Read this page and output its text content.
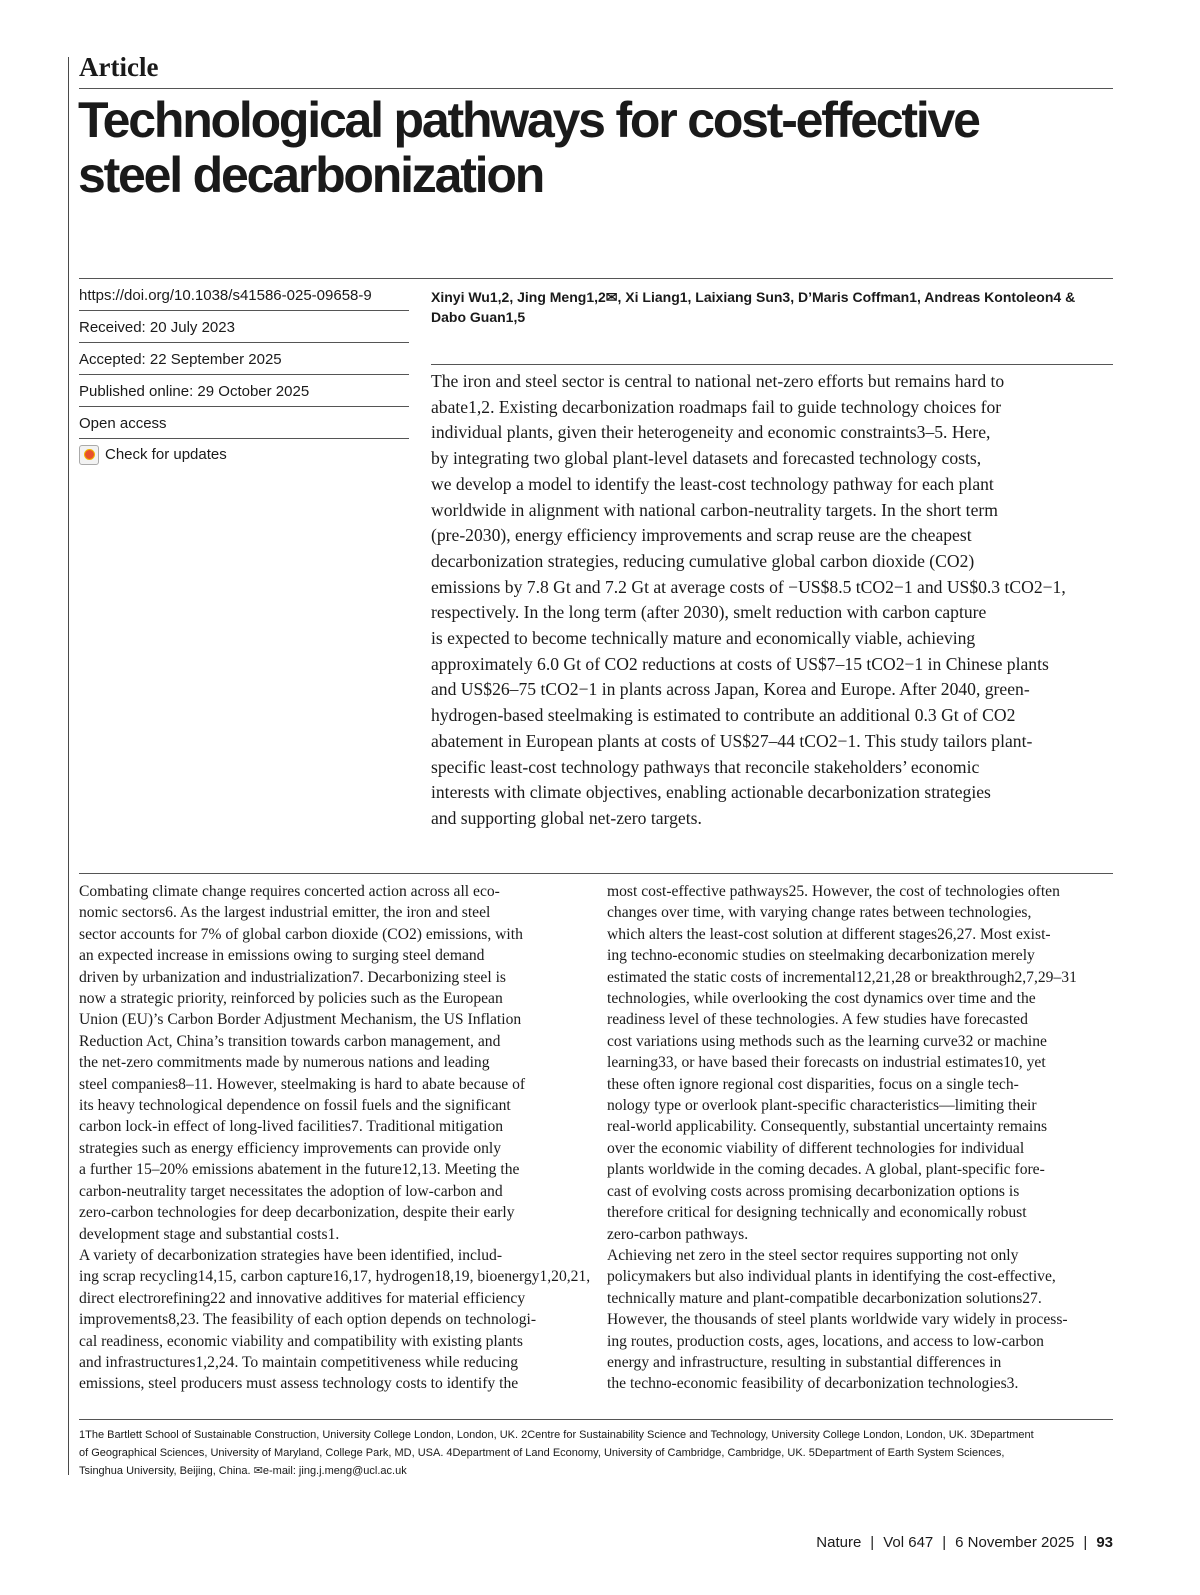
Article
Technological pathways for cost-effective
steel decarbonization
https://doi.org/10.1038/s41586-025-09658-9
Received: 20 July 2023
Accepted: 22 September 2025
Published online: 29 October 2025
Open access
Check for updates
Xinyi Wu1,2, Jing Meng1,2✉, Xi Liang1, Laixiang Sun3, D’Maris Coffman1, Andreas Kontoleon4 &
Dabo Guan1,5
The iron and steel sector is central to national net-zero efforts but remains hard to
abate1,2. Existing decarbonization roadmaps fail to guide technology choices for
individual plants, given their heterogeneity and economic constraints3–5. Here,
by integrating two global plant-level datasets and forecasted technology costs,
we develop a model to identify the least-cost technology pathway for each plant
worldwide in alignment with national carbon-neutrality targets. In the short term
(pre-2030), energy efficiency improvements and scrap reuse are the cheapest
decarbonization strategies, reducing cumulative global carbon dioxide (CO2)
emissions by 7.8 Gt and 7.2 Gt at average costs of −US$8.5 tCO2−1 and US$0.3 tCO2−1,
respectively. In the long term (after 2030), smelt reduction with carbon capture
is expected to become technically mature and economically viable, achieving
approximately 6.0 Gt of CO2 reductions at costs of US$7–15 tCO2−1 in Chinese plants
and US$26–75 tCO2−1 in plants across Japan, Korea and Europe. After 2040, green-
hydrogen-based steelmaking is estimated to contribute an additional 0.3 Gt of CO2
abatement in European plants at costs of US$27–44 tCO2−1. This study tailors plant-
specific least-cost technology pathways that reconcile stakeholders’ economic
interests with climate objectives, enabling actionable decarbonization strategies
and supporting global net-zero targets.
Combating climate change requires concerted action across all eco-
nomic sectors6. As the largest industrial emitter, the iron and steel
sector accounts for 7% of global carbon dioxide (CO2) emissions, with
an expected increase in emissions owing to surging steel demand
driven by urbanization and industrialization7. Decarbonizing steel is
now a strategic priority, reinforced by policies such as the European
Union (EU)’s Carbon Border Adjustment Mechanism, the US Inflation
Reduction Act, China’s transition towards carbon management, and
the net-zero commitments made by numerous nations and leading
steel companies8–11. However, steelmaking is hard to abate because of
its heavy technological dependence on fossil fuels and the significant
carbon lock-in effect of long-lived facilities7. Traditional mitigation
strategies such as energy efficiency improvements can provide only
a further 15–20% emissions abatement in the future12,13. Meeting the
carbon-neutrality target necessitates the adoption of low-carbon and
zero-carbon technologies for deep decarbonization, despite their early
development stage and substantial costs1.
A variety of decarbonization strategies have been identified, includ-
ing scrap recycling14,15, carbon capture16,17, hydrogen18,19, bioenergy1,20,21,
direct electrorefining22 and innovative additives for material efficiency
improvements8,23. The feasibility of each option depends on technologi-
cal readiness, economic viability and compatibility with existing plants
and infrastructures1,2,24. To maintain competitiveness while reducing
emissions, steel producers must assess technology costs to identify the
most cost-effective pathways25. However, the cost of technologies often
changes over time, with varying change rates between technologies,
which alters the least-cost solution at different stages26,27. Most exist-
ing techno-economic studies on steelmaking decarbonization merely
estimated the static costs of incremental12,21,28 or breakthrough2,7,29–31
technologies, while overlooking the cost dynamics over time and the
readiness level of these technologies. A few studies have forecasted
cost variations using methods such as the learning curve32 or machine
learning33, or have based their forecasts on industrial estimates10, yet
these often ignore regional cost disparities, focus on a single tech-
nology type or overlook plant-specific characteristics—limiting their
real-world applicability. Consequently, substantial uncertainty remains
over the economic viability of different technologies for individual
plants worldwide in the coming decades. A global, plant-specific fore-
cast of evolving costs across promising decarbonization options is
therefore critical for designing technically and economically robust
zero-carbon pathways.
Achieving net zero in the steel sector requires supporting not only
policymakers but also individual plants in identifying the cost-effective,
technically mature and plant-compatible decarbonization solutions27.
However, the thousands of steel plants worldwide vary widely in process-
ing routes, production costs, ages, locations, and access to low-carbon
energy and infrastructure, resulting in substantial differences in
the techno-economic feasibility of decarbonization technologies3.
1The Bartlett School of Sustainable Construction, University College London, London, UK. 2Centre for Sustainability Science and Technology, University College London, London, UK. 3Department
of Geographical Sciences, University of Maryland, College Park, MD, USA. 4Department of Land Economy, University of Cambridge, Cambridge, UK. 5Department of Earth System Sciences,
Tsinghua University, Beijing, China. ✉e-mail: jing.j.meng@ucl.ac.uk
Nature | Vol 647 | 6 November 2025 | 93
